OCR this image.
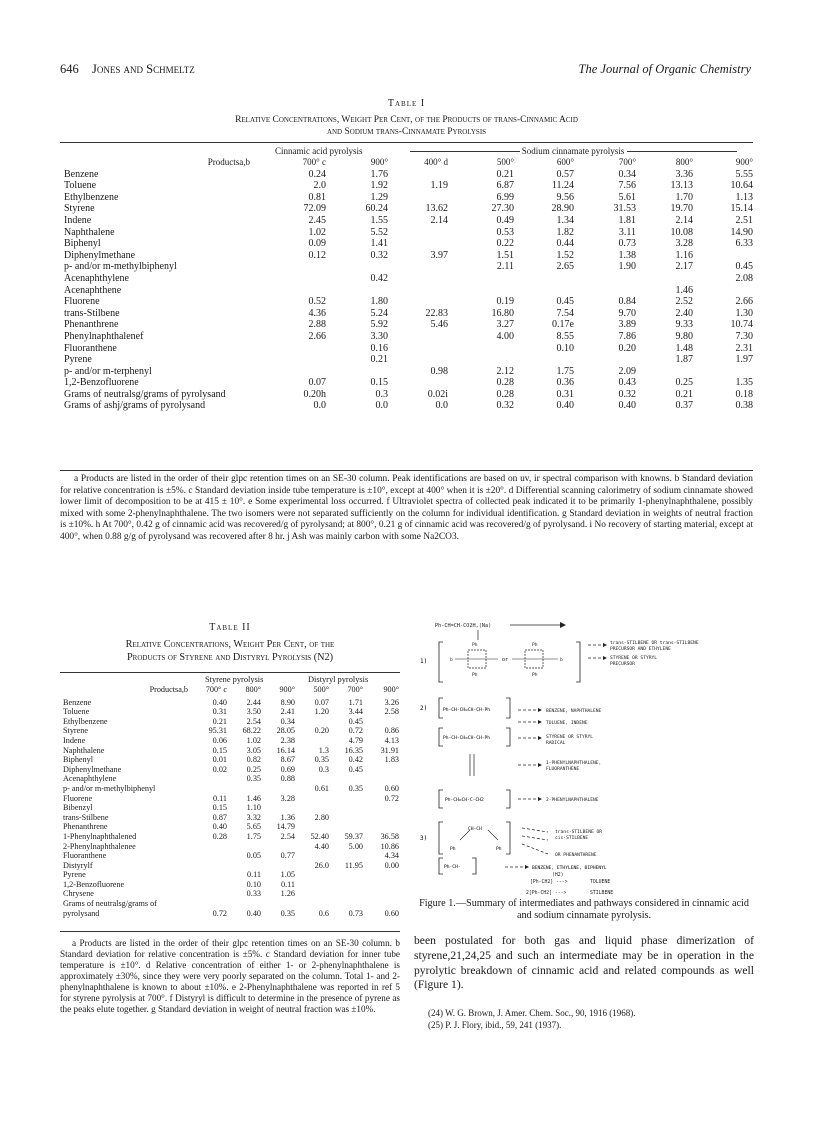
646 Jones and Schmeltz	The Journal of Organic Chemistry
Table I
Relative Concentrations, Weight Per Cent, of the Products of trans-Cinnamic Acid
and Sodium trans-Cinnamate Pyrolysis
Cinnamic acid pyrolysis	Sodium cinnamate pyrolysis
Productsa,b	700° c	900°	400° d	500°	600°	700°	800°	900°
Benzene	0.24	1.76		0.21	0.57	0.34	3.36	5.55
Toluene	2.0	1.92	1.19	6.87	11.24	7.56	13.13	10.64
Ethylbenzene	0.81	1.29		6.99	9.56	5.61	1.70	1.13
Styrene	72.09	60.24	13.62	27.30	28.90	31.53	19.70	15.14
Indene	2.45	1.55	2.14	0.49	1.34	1.81	2.14	2.51
Naphthalene	1.02	5.52		0.53	1.82	3.11	10.08	14.90
Biphenyl	0.09	1.41		0.22	0.44	0.73	3.28	6.33
Diphenylmethane	0.12	0.32	3.97	1.51	1.52	1.38	1.16	
p- and/or m-methylbiphenyl				2.11	2.65	1.90	2.17	0.45
Acenaphthylene		0.42						2.08
Acenaphthene							1.46	
Fluorene	0.52	1.80		0.19	0.45	0.84	2.52	2.66
trans-Stilbene	4.36	5.24	22.83	16.80	7.54	9.70	2.40	1.30
Phenanthrene	2.88	5.92	5.46	3.27	0.17e	3.89	9.33	10.74
Phenylnaphthalenef	2.66	3.30		4.00	8.55	7.86	9.80	7.30
Fluoranthene		0.16			0.10	0.20	1.48	2.31
Pyrene		0.21					1.87	1.97
p- and/or m-terphenyl			0.98	2.12	1.75	2.09		
1,2-Benzofluorene	0.07	0.15		0.28	0.36	0.43	0.25	1.35
Grams of neutralsg/grams of pyrolysand	0.20h	0.3	0.02i	0.28	0.31	0.32	0.21	0.18
Grams of ashj/grams of pyrolysand	0.0	0.0	0.0	0.32	0.40	0.40	0.37	0.38
a Products are listed in the order of their glpc retention times on an SE-30 column. Peak identifications are based on uv, ir spectral comparison with knowns. b Standard deviation for relative concentration is ±5%. c Standard deviation inside tube temperature is ±10°, except at 400° when it is ±20°. d Differential scanning calorimetry of sodium cinnamate showed lower limit of decomposition to be at 415 ± 10°. e Some experimental loss occurred. f Ultraviolet spectra of collected peak indicated it to be primarily 1-phenylnaphthalene, possibly mixed with some 2-phenylnaphthalene. The two isomers were not separated sufficiently on the column for individual identification. g Standard deviation in weights of neutral fraction is ±10%. h At 700°, 0.42 g of cinnamic acid was recovered/g of pyrolysand; at 800°, 0.21 g of cinnamic acid was recovered/g of pyrolysand. i No recovery of starting material, except at 400°, when 0.88 g/g of pyrolysand was recovered after 8 hr. j Ash was mainly carbon with some Na2CO3.
Table II
Relative Concentrations, Weight Per Cent, of the
Products of Styrene and Distyryl Pyrolysis (N2)
Styrene pyrolysis	Distyryl pyrolysis
Productsa,b	700° c	800°	900°	500°	700°	900°
Benzene	0.40	2.44	8.90	0.07	1.71	3.26
Toluene	0.31	3.50	2.41	1.20	3.44	2.58
Ethylbenzene	0.21	2.54	0.34		0.45	
Styrene	95.31	68.22	28.05	0.20	0.72	0.86
Indene	0.06	1.02	2.38		4.79	4.13
Naphthalene	0.15	3.05	16.14	1.3	16.35	31.91
Biphenyl	0.01	0.82	8.67	0.35	0.42	1.83
Diphenylmethane	0.02	0.25	0.69	0.3	0.45	
Acenaphthylene		0.35	0.88			
p- and/or m-methylbiphenyl				0.61	0.35	0.60
Fluorene	0.11	1.46	3.28			0.72
Bibenzyl	0.15	1.10				
trans-Stilbene	0.87	3.32	1.36	2.80		
Phenanthrene	0.40	5.65	14.79			
1-Phenylnaphthalened	0.28	1.75	2.54	52.40	59.37	36.58
2-Phenylnaphthalenee				4.40	5.00	10.86
Fluoranthene		0.05	0.77			4.34
Distyrylf				26.0	11.95	0.00
Pyrene		0.11	1.05			
1,2-Benzofluorene		0.10	0.11			
Chrysene		0.33	1.26			
Grams of neutralsg/grams of						
pyrolysand	0.72	0.40	0.35	0.6	0.73	0.60
a Products are listed in the order of their glpc retention times on an SE-30 column. b Standard deviation for relative concentration is ±5%. c Standard deviation for inner tube temperature is ±10°. d Relative concentration of either 1- or 2-phenylnaphthalene is approximately ±30%, since they were very poorly separated on the column. Total 1- and 2-phenylnaphthalene is known to about ±10%. e 2-Phenylnaphthalene was reported in ref 5 for styrene pyrolysis at 700°. f Distyryl is difficult to determine in the presence of pyrene as the peaks elute together. g Standard deviation in weight of neutral fraction was ±10%.
Ph-CH=CH-CO2H,(Na)
1)	or
Ph	Ph
Ph	Ph
b	b
trans-STILBENE OR trans-STILBENE
PRECURSOR AND ETHYLENE
STYRENE OR STYRYL
PRECURSOR
2)	Ph-CH-CH=CH-CH-Ph
Ph-CH-CH=CH-CH-Ph
BENZENE, NAPHTHALENE
TOLUENE, INDENE
STYRENE OR STYRYL
RADICAL
1-PHENYLNAPHTHALENE,
FLUORANTHENE
2-PHENYLNAPHTHALENE
Ph-CH=CH-C-CH2
3)
CH-CH
Ph	Ph
trans-STILBENE OR
cis-STILBENE
OR PHENANTHRENE
Ph-CH-	BENZENE, ETHYLENE, BIPHENYL
(H2)
[Ph-CH2] --->	TOLUENE
2[Ph-CH2] --->	STILBENE
Figure 1.—Summary of intermediates and pathways considered in cinnamic acid and sodium cinnamate pyrolysis.
been postulated for both gas and liquid phase dimerization of styrene,21,24,25 and such an intermediate may be in operation in the pyrolytic breakdown of cinnamic acid and related compounds as well (Figure 1).
(24) W. G. Brown, J. Amer. Chem. Soc., 90, 1916 (1968).
(25) P. J. Flory, ibid., 59, 241 (1937).
